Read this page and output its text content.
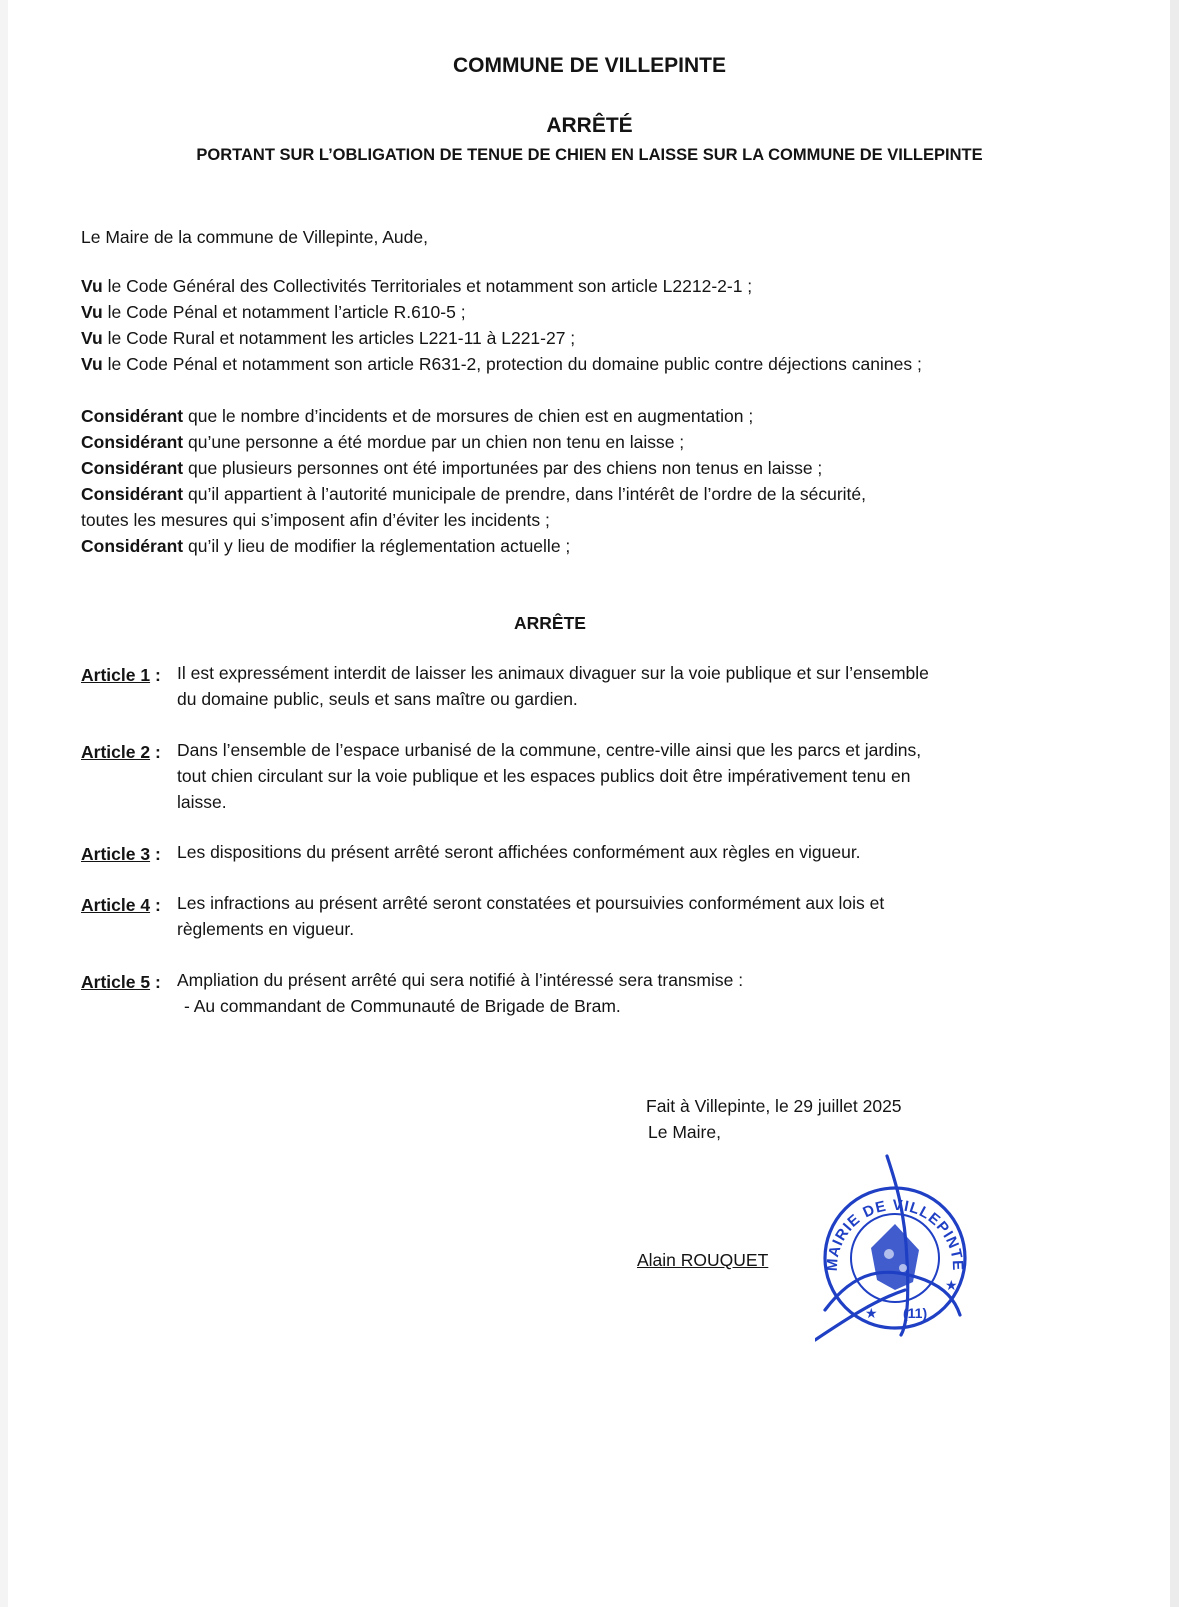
COMMUNE DE VILLEPINTE
ARRÊTÉ
PORTANT SUR L’OBLIGATION DE TENUE DE CHIEN EN LAISSE SUR LA COMMUNE DE VILLEPINTE
Le Maire de la commune de Villepinte, Aude,
Vu le Code Général des Collectivités Territoriales et notamment son article L2212-2-1 ;
Vu le Code Pénal et notamment l’article R.610-5 ;
Vu le Code Rural et notamment les articles L221-11 à L221-27 ;
Vu le Code Pénal et notamment son article R631-2, protection du domaine public contre déjections canines ;
Considérant que le nombre d’incidents et de morsures de chien est en augmentation ;
Considérant qu’une personne a été mordue par un chien non tenu en laisse ;
Considérant que plusieurs personnes ont été importunées par des chiens non tenus en laisse ;
Considérant qu’il appartient à l’autorité municipale de prendre, dans l’intérêt de l’ordre de la sécurité,
toutes les mesures qui s’imposent afin d’éviter les incidents ;
Considérant qu’il y lieu de modifier la réglementation actuelle ;
ARRÊTE
Article 1 : Il est expressément interdit de laisser les animaux divaguer sur la voie publique et sur l’ensemble
du domaine public, seuls et sans maître ou gardien.
Article 2 : Dans l’ensemble de l’espace urbanisé de la commune, centre-ville ainsi que les parcs et jardins,
tout chien circulant sur la voie publique et les espaces publics doit être impérativement tenu en
laisse.
Article 3 : Les dispositions du présent arrêté seront affichées conformément aux règles en vigueur.
Article 4 : Les infractions au présent arrêté seront constatées et poursuivies conformément aux lois et
règlements en vigueur.
Article 5 : Ampliation du présent arrêté qui sera notifié à l’intéressé sera transmise :
- Au commandant de Communauté de Brigade de Bram.
Fait à Villepinte, le 29 juillet 2025
Le Maire,
Alain ROUQUET	MAIRIE DE VILLEPINTE
(11)
★
★
